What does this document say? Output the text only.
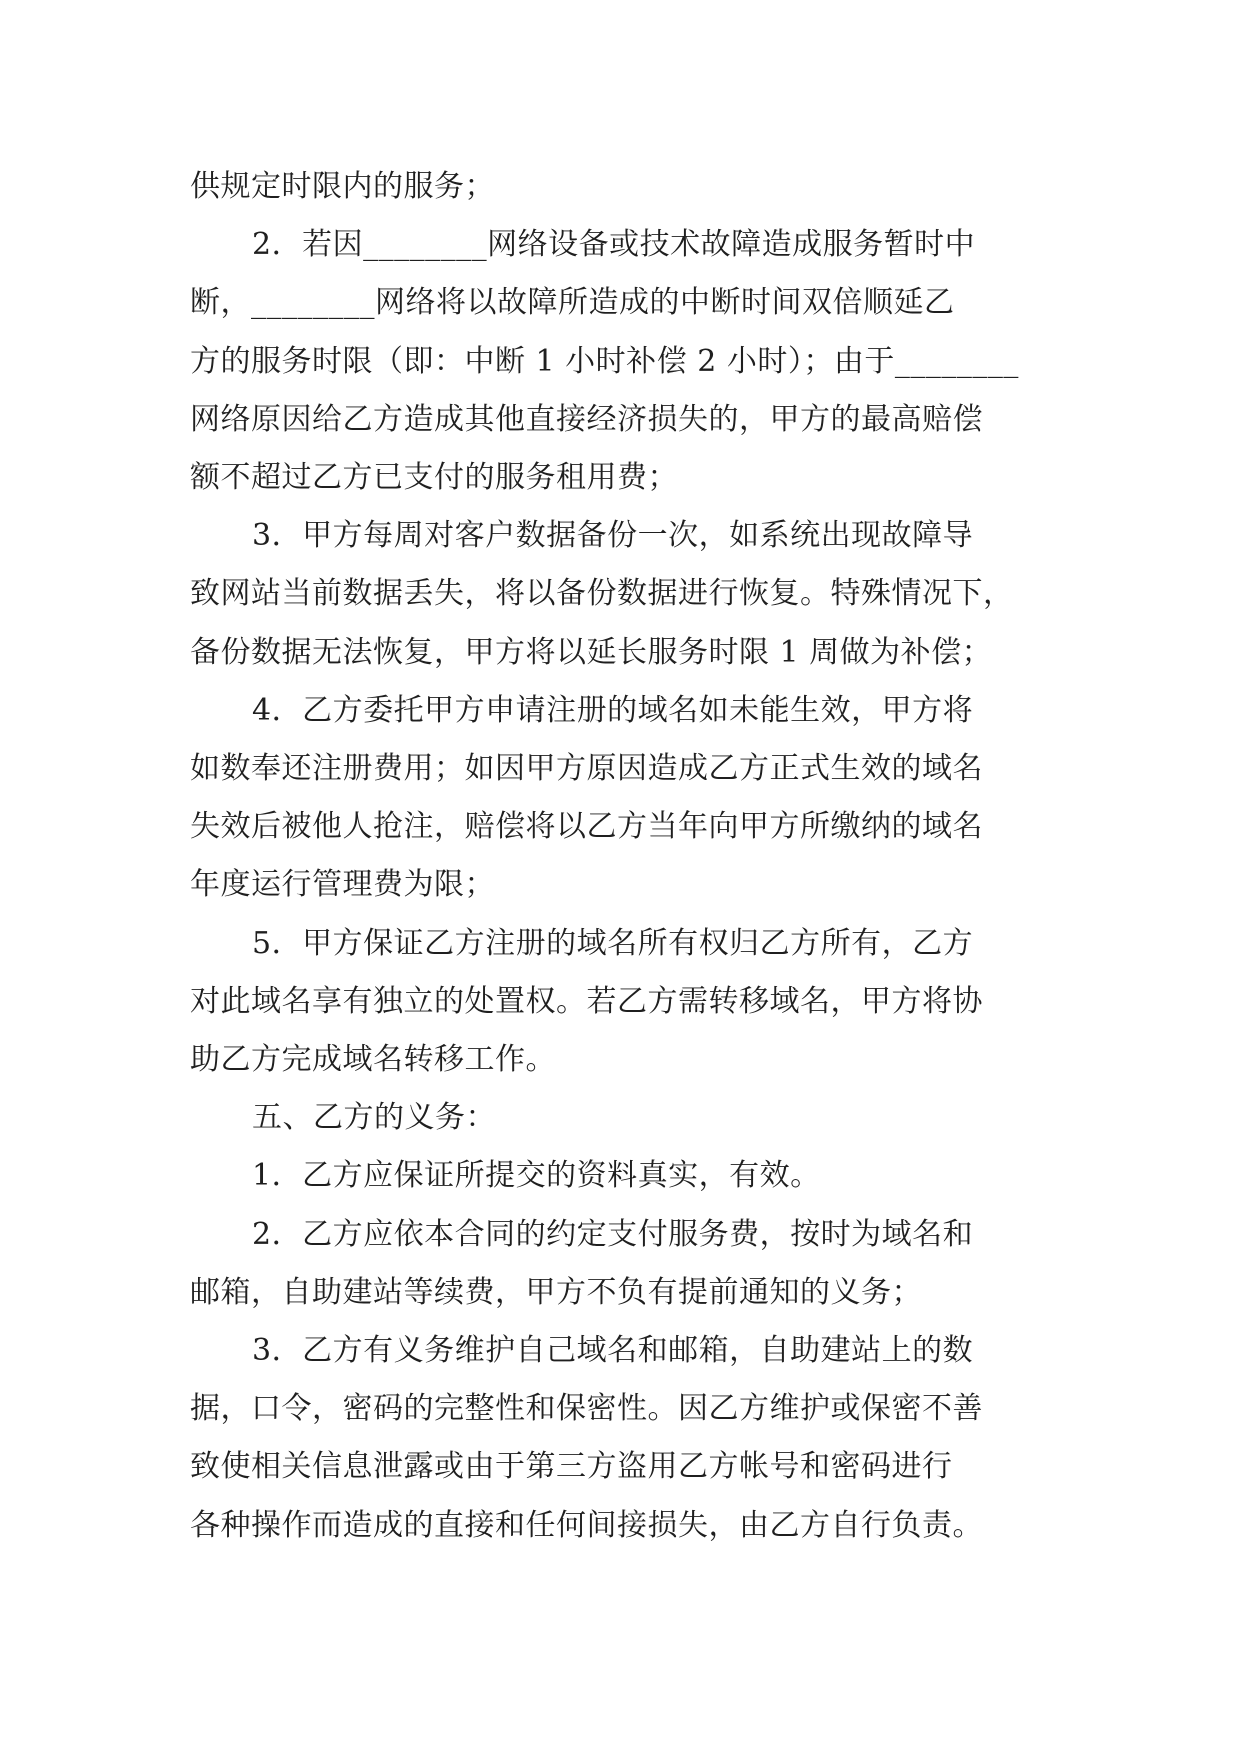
供规定时限内的服务；

2．若因________网络设备或技术故障造成服务暂时中

断，________网络将以故障所造成的中断时间双倍顺延乙

方的服务时限（即：中断 1 小时补偿 2 小时）；由于________

网络原因给乙方造成其他直接经济损失的，甲方的最高赔偿

额不超过乙方已支付的服务租用费；

3．甲方每周对客户数据备份一次，如系统出现故障导

致网站当前数据丢失，将以备份数据进行恢复。特殊情况下，

备份数据无法恢复，甲方将以延长服务时限 1 周做为补偿；

4．乙方委托甲方申请注册的域名如未能生效，甲方将

如数奉还注册费用；如因甲方原因造成乙方正式生效的域名

失效后被他人抢注，赔偿将以乙方当年向甲方所缴纳的域名

年度运行管理费为限；

5．甲方保证乙方注册的域名所有权归乙方所有，乙方

对此域名享有独立的处置权。若乙方需转移域名，甲方将协

助乙方完成域名转移工作。

五、乙方的义务：

1．乙方应保证所提交的资料真实，有效。

2．乙方应依本合同的约定支付服务费，按时为域名和

邮箱，自助建站等续费，甲方不负有提前通知的义务；

3．乙方有义务维护自己域名和邮箱，自助建站上的数

据，口令，密码的完整性和保密性。因乙方维护或保密不善

致使相关信息泄露或由于第三方盗用乙方帐号和密码进行

各种操作而造成的直接和任何间接损失，由乙方自行负责。
